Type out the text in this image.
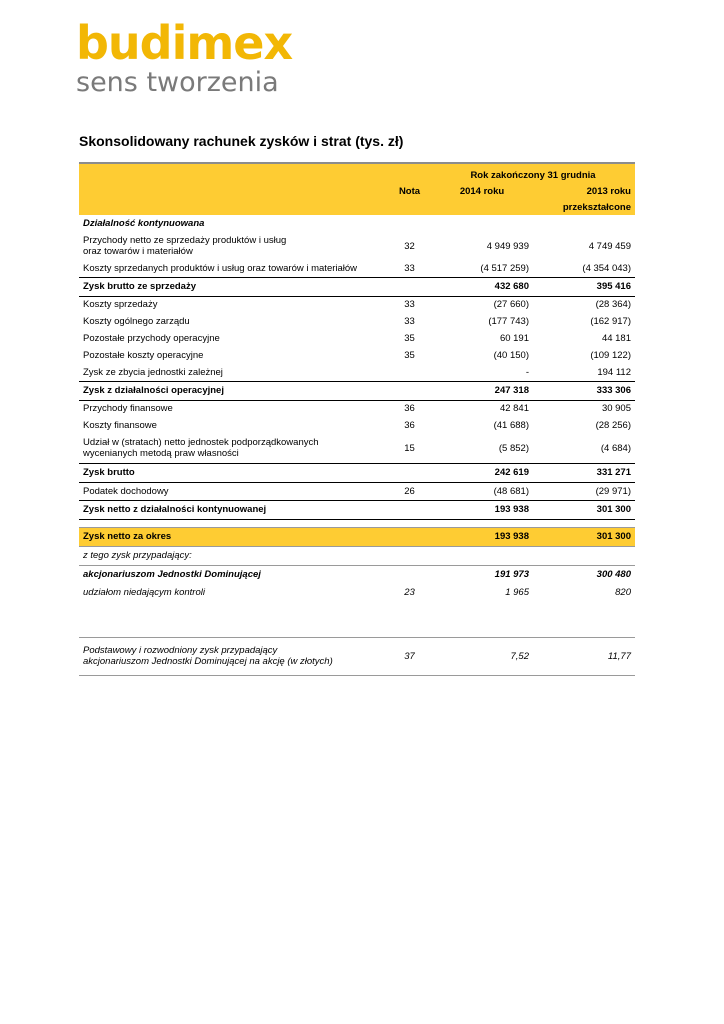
budimex
sens tworzenia
Skonsolidowany rachunek zysków i strat (tys. zł)
		Rok zakończony 31 grudnia	
	Nota	2014 roku	2013 roku
			przekształcone
Działalność kontynuowana			
Przychody netto ze sprzedaży produktów i usług
oraz towarów i materiałów	32	4 949 939	4 749 459
Koszty sprzedanych produktów i usług oraz towarów i materiałów	33	(4 517 259)	(4 354 043)
Zysk brutto ze sprzedaży		432 680	395 416
Koszty sprzedaży	33	(27 660)	(28 364)
Koszty ogólnego zarządu	33	(177 743)	(162 917)
Pozostałe przychody operacyjne	35	60 191	44 181
Pozostałe koszty operacyjne	35	(40 150)	(109 122)
Zysk ze zbycia jednostki zależnej		-	194 112
Zysk z działalności operacyjnej		247 318	333 306
Przychody finansowe	36	42 841	30 905
Koszty finansowe	36	(41 688)	(28 256)
Udział w (stratach) netto jednostek podporządkowanych
wycenianych metodą praw własności	15	(5 852)	(4 684)
Zysk brutto		242 619	331 271
Podatek dochodowy	26	(48 681)	(29 971)
Zysk netto z działalności kontynuowanej		193 938	301 300

Zysk netto za okres		193 938	301 300
z tego zysk przypadający:			
akcjonariuszom Jednostki Dominującej		191 973	300 480
udziałom niedającym kontroli	23	1 965	820

Podstawowy i rozwodniony zysk przypadający
akcjonariuszom Jednostki Dominującej na akcję (w złotych)	37	7,52	11,77
